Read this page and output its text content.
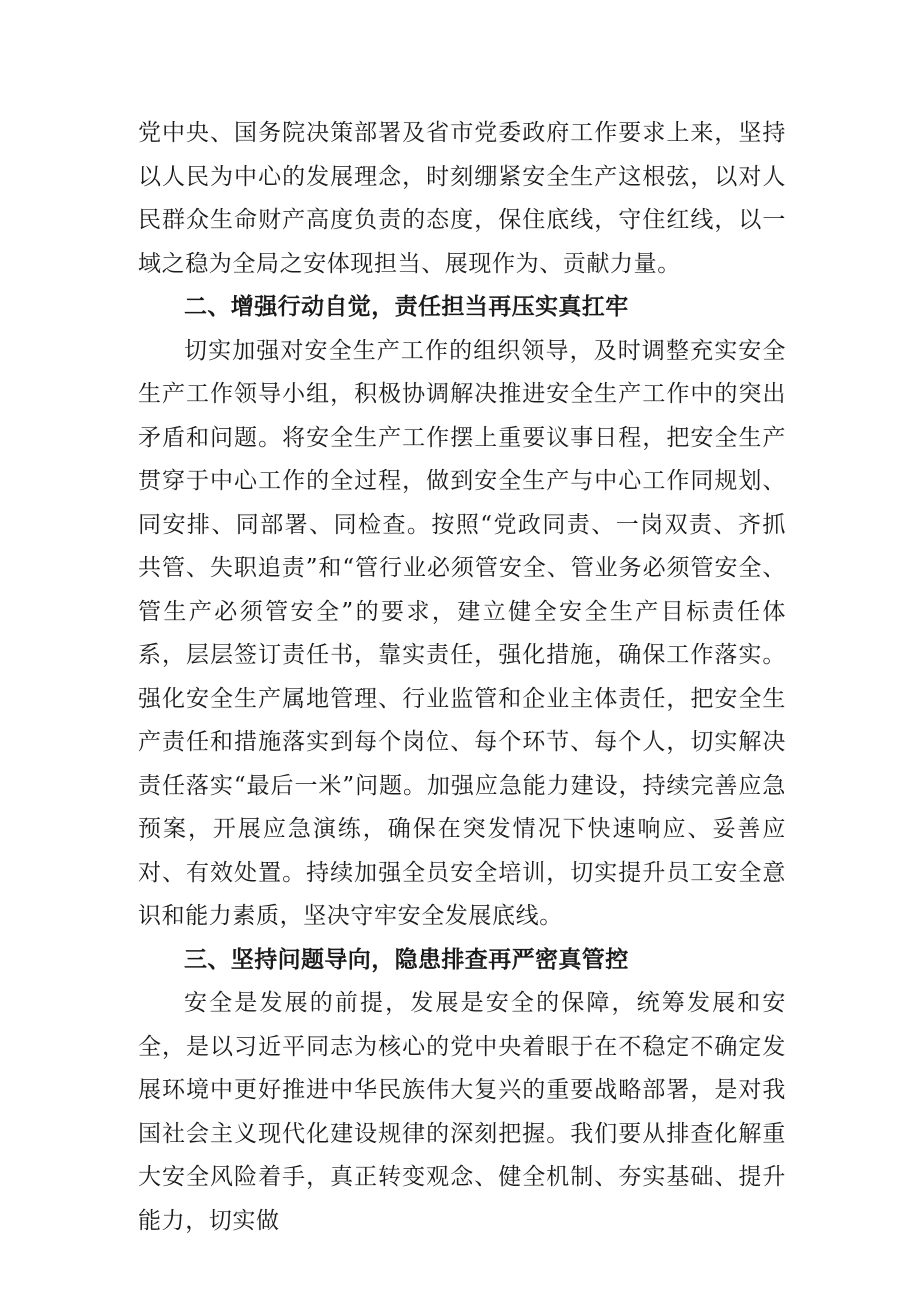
党中央、国务院决策部署及省市党委政府工作要求上来，坚持以人民为中心的发展理念，时刻绷紧安全生产这根弦，以对人民群众生命财产高度负责的态度，保住底线，守住红线，以一域之稳为全局之安体现担当、展现作为、贡献力量。

二、增强行动自觉，责任担当再压实真扛牢

切实加强对安全生产工作的组织领导，及时调整充实安全生产工作领导小组，积极协调解决推进安全生产工作中的突出矛盾和问题。将安全生产工作摆上重要议事日程，把安全生产贯穿于中心工作的全过程，做到安全生产与中心工作同规划、同安排、同部署、同检查。按照“党政同责、一岗双责、齐抓共管、失职追责”和“管行业必须管安全、管业务必须管安全、管生产必须管安全”的要求，建立健全安全生产目标责任体系，层层签订责任书，靠实责任，强化措施，确保工作落实。强化安全生产属地管理、行业监管和企业主体责任，把安全生产责任和措施落实到每个岗位、每个环节、每个人，切实解决责任落实“最后一米”问题。加强应急能力建设，持续完善应急预案，开展应急演练，确保在突发情况下快速响应、妥善应对、有效处置。持续加强全员安全培训，切实提升员工安全意识和能力素质，坚决守牢安全发展底线。

三、坚持问题导向，隐患排查再严密真管控

安全是发展的前提，发展是安全的保障，统筹发展和安全，是以习近平同志为核心的党中央着眼于在不稳定不确定发展环境中更好推进中华民族伟大复兴的重要战略部署，是对我国社会主义现代化建设规律的深刻把握。我们要从排查化解重大安全风险着手，真正转变观念、健全机制、夯实基础、提升能力，切实做
